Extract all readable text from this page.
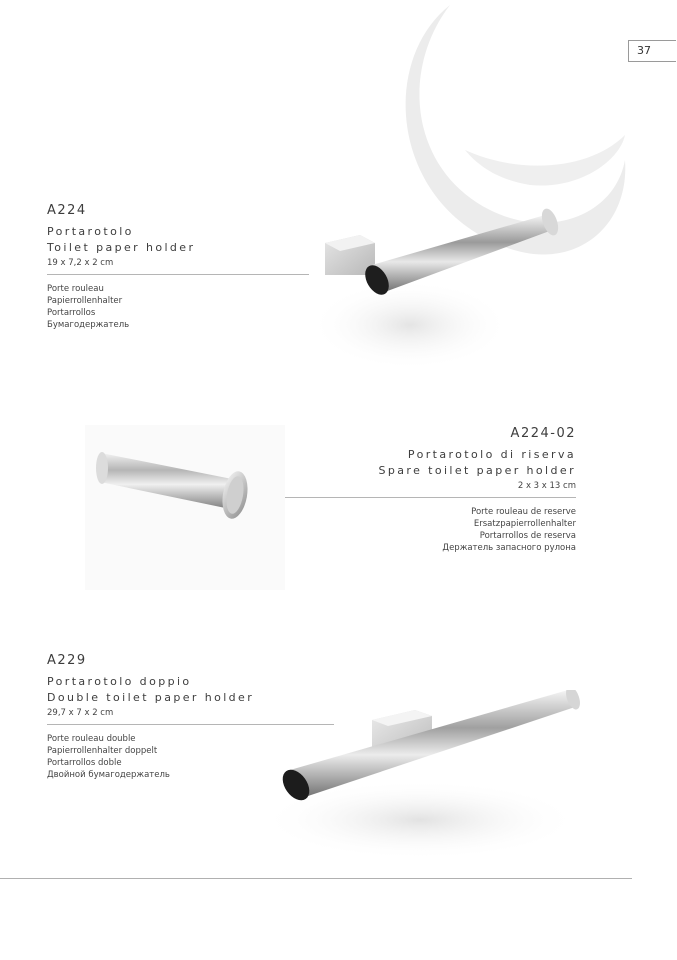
37
A224
Portarotolo
Toilet paper holder
19 x 7,2 x 2 cm
Porte rouleau
Papierrollenhalter
Portarrollos
Бумагодержатель
A224-02
Portarotolo di riserva
Spare toilet paper holder
2 x 3 x 13 cm
Porte rouleau de reserve
Ersatzpapierrollenhalter
Portarrollos de reserva
Держатель запасного рулона
A229
Portarotolo doppio
Double toilet paper holder
29,7 x 7 x 2 cm
Porte rouleau double
Papierrollenhalter doppelt
Portarrollos doble
Двойной бумагодержатель
